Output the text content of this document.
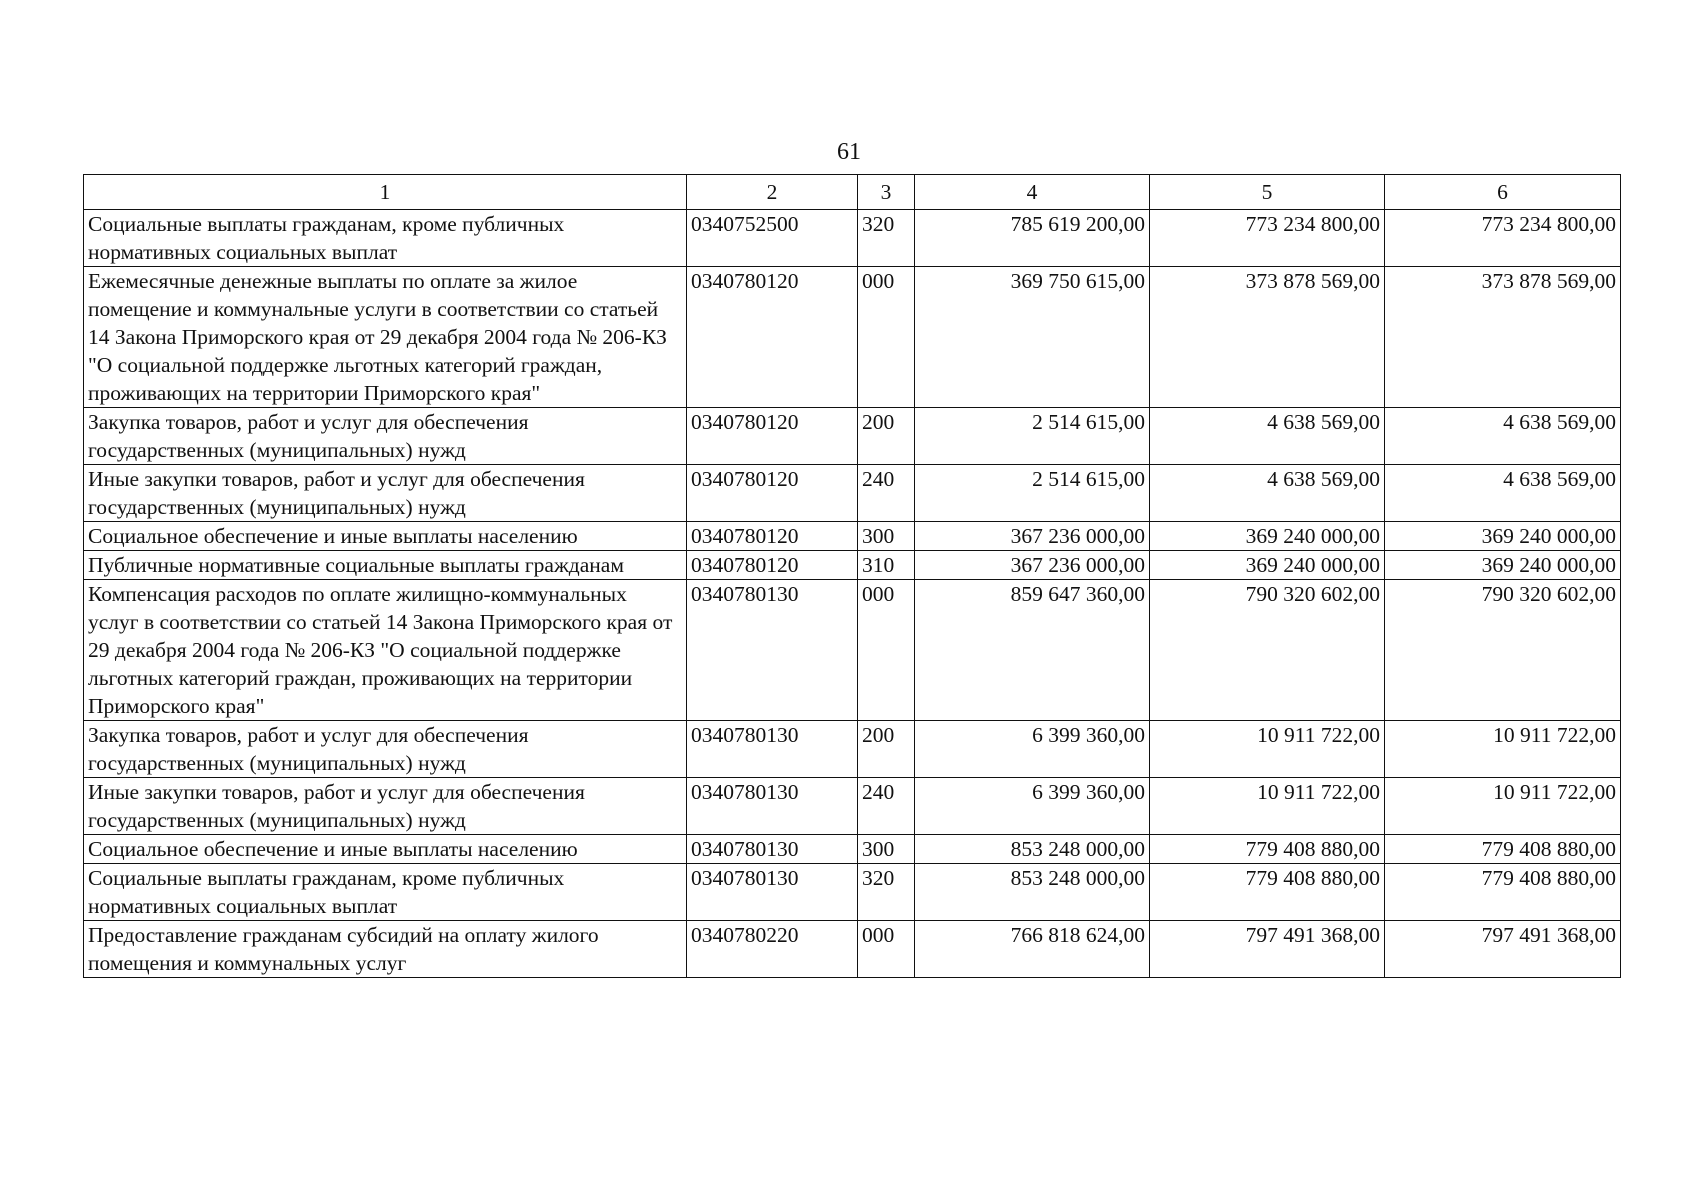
61
1	2	3	4	5	6
Социальные выплаты гражданам, кроме публичных нормативных социальных выплат	0340752500	320	785 619 200,00	773 234 800,00	773 234 800,00
Ежемесячные денежные выплаты по оплате за жилое помещение и коммунальные услуги в соответствии со статьей 14 Закона Приморского края от 29 декабря 2004 года № 206-КЗ "О социальной поддержке льготных категорий граждан, проживающих на территории Приморского края"	0340780120	000	369 750 615,00	373 878 569,00	373 878 569,00
Закупка товаров, работ и услуг для обеспечения государственных (муниципальных) нужд	0340780120	200	2 514 615,00	4 638 569,00	4 638 569,00
Иные закупки товаров, работ и услуг для обеспечения государственных (муниципальных) нужд	0340780120	240	2 514 615,00	4 638 569,00	4 638 569,00
Социальное обеспечение и иные выплаты населению	0340780120	300	367 236 000,00	369 240 000,00	369 240 000,00
Публичные нормативные социальные выплаты гражданам	0340780120	310	367 236 000,00	369 240 000,00	369 240 000,00
Компенсация расходов по оплате жилищно-коммунальных услуг в соответствии со статьей 14 Закона Приморского края от 29 декабря 2004 года № 206-КЗ "О социальной поддержке льготных категорий граждан, проживающих на территории Приморского края"	0340780130	000	859 647 360,00	790 320 602,00	790 320 602,00
Закупка товаров, работ и услуг для обеспечения государственных (муниципальных) нужд	0340780130	200	6 399 360,00	10 911 722,00	10 911 722,00
Иные закупки товаров, работ и услуг для обеспечения государственных (муниципальных) нужд	0340780130	240	6 399 360,00	10 911 722,00	10 911 722,00
Социальное обеспечение и иные выплаты населению	0340780130	300	853 248 000,00	779 408 880,00	779 408 880,00
Социальные выплаты гражданам, кроме публичных нормативных социальных выплат	0340780130	320	853 248 000,00	779 408 880,00	779 408 880,00
Предоставление гражданам субсидий на оплату жилого помещения и коммунальных услуг	0340780220	000	766 818 624,00	797 491 368,00	797 491 368,00
